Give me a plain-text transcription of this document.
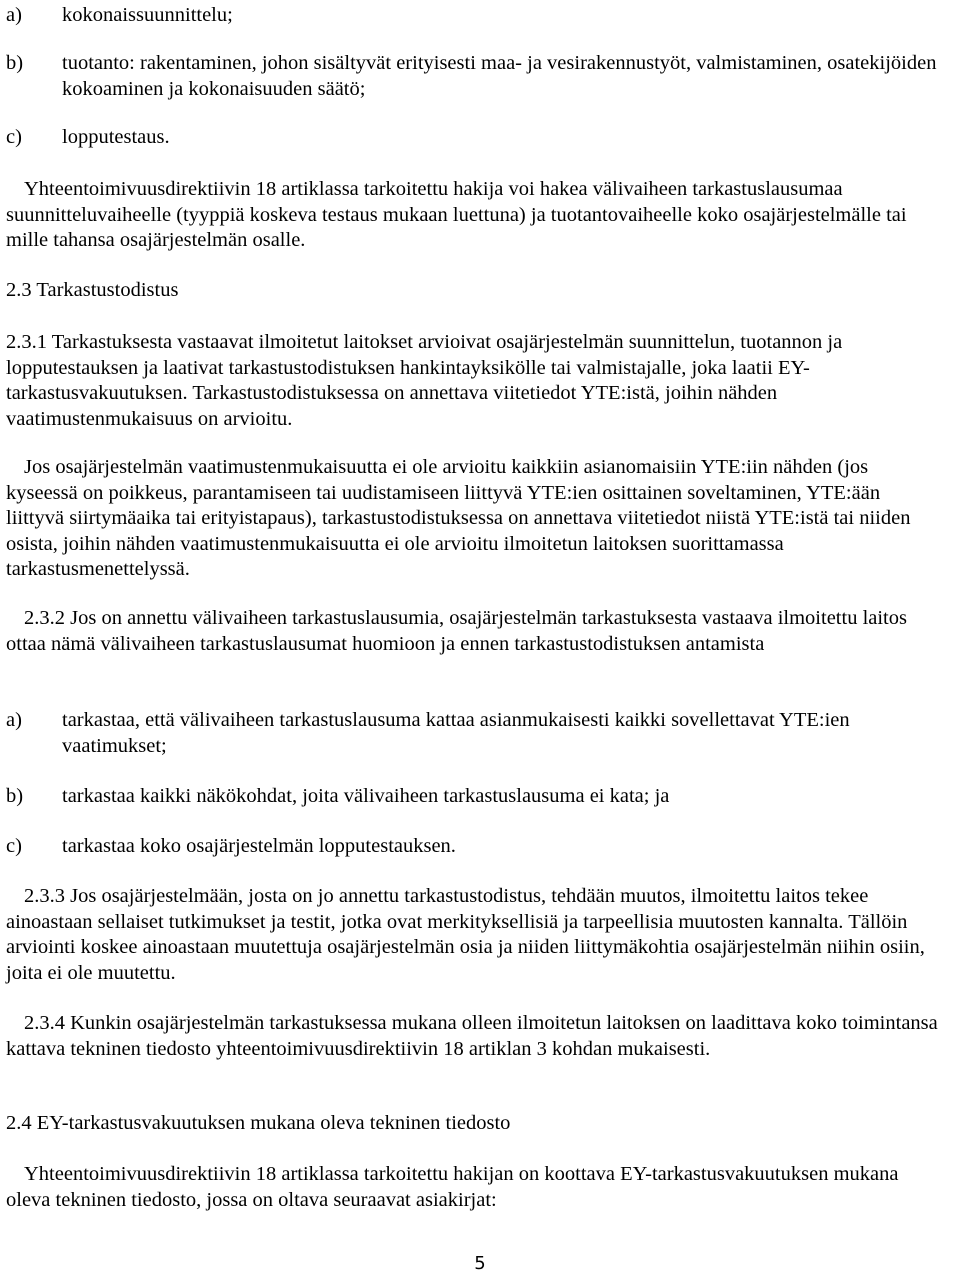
a)	kokonaissuunnittelu;
b)	tuotanto: rakentaminen, johon sisältyvät erityisesti maa- ja vesirakennustyöt, valmistaminen, osatekijöiden kokoaminen ja kokonaisuuden säätö;
c)	lopputestaus.

Yhteentoimivuusdirektiivin 18 artiklassa tarkoitettu hakija voi hakea välivaiheen tarkastuslausumaa suunnitteluvaiheelle (tyyppiä koskeva testaus mukaan luettuna) ja tuotantovaiheelle koko osajärjestelmälle tai mille tahansa osajärjestelmän osalle.

2.3 Tarkastustodistus

2.3.1 Tarkastuksesta vastaavat ilmoitetut laitokset arvioivat osajärjestelmän suunnittelun, tuotannon ja lopputestauksen ja laativat tarkastustodistuksen hankintayksikölle tai valmistajalle, joka laatii EY-tarkastusvakuutuksen. Tarkastustodistuksessa on annettava viitetiedot YTE:istä, joihin nähden vaatimustenmukaisuus on arvioitu.

Jos osajärjestelmän vaatimustenmukaisuutta ei ole arvioitu kaikkiin asianomaisiin YTE:iin nähden (jos kyseessä on poikkeus, parantamiseen tai uudistamiseen liittyvä YTE:ien osittainen soveltaminen, YTE:ään liittyvä siirtymäaika tai erityistapaus), tarkastustodistuksessa on annettava viitetiedot niistä YTE:istä tai niiden osista, joihin nähden vaatimustenmukaisuutta ei ole arvioitu ilmoitetun laitoksen suorittamassa tarkastusmenettelyssä.

2.3.2 Jos on annettu välivaiheen tarkastuslausumia, osajärjestelmän tarkastuksesta vastaava ilmoitettu laitos ottaa nämä välivaiheen tarkastuslausumat huomioon ja ennen tarkastustodistuksen antamista

a)	tarkastaa, että välivaiheen tarkastuslausuma kattaa asianmukaisesti kaikki sovellettavat YTE:ien vaatimukset;
b)	tarkastaa kaikki näkökohdat, joita välivaiheen tarkastuslausuma ei kata; ja
c)	tarkastaa koko osajärjestelmän lopputestauksen.

2.3.3 Jos osajärjestelmään, josta on jo annettu tarkastustodistus, tehdään muutos, ilmoitettu laitos tekee ainoastaan sellaiset tutkimukset ja testit, jotka ovat merkityksellisiä ja tarpeellisia muutosten kannalta. Tällöin arviointi koskee ainoastaan muutettuja osajärjestelmän osia ja niiden liittymäkohtia osajärjestelmän niihin osiin, joita ei ole muutettu.

2.3.4 Kunkin osajärjestelmän tarkastuksessa mukana olleen ilmoitetun laitoksen on laadittava koko toimintansa kattava tekninen tiedosto yhteentoimivuusdirektiivin 18 artiklan 3 kohdan mukaisesti.

2.4 EY-tarkastusvakuutuksen mukana oleva tekninen tiedosto

Yhteentoimivuusdirektiivin 18 artiklassa tarkoitettu hakijan on koottava EY-tarkastusvakuutuksen mukana oleva tekninen tiedosto, jossa on oltava seuraavat asiakirjat:

5
